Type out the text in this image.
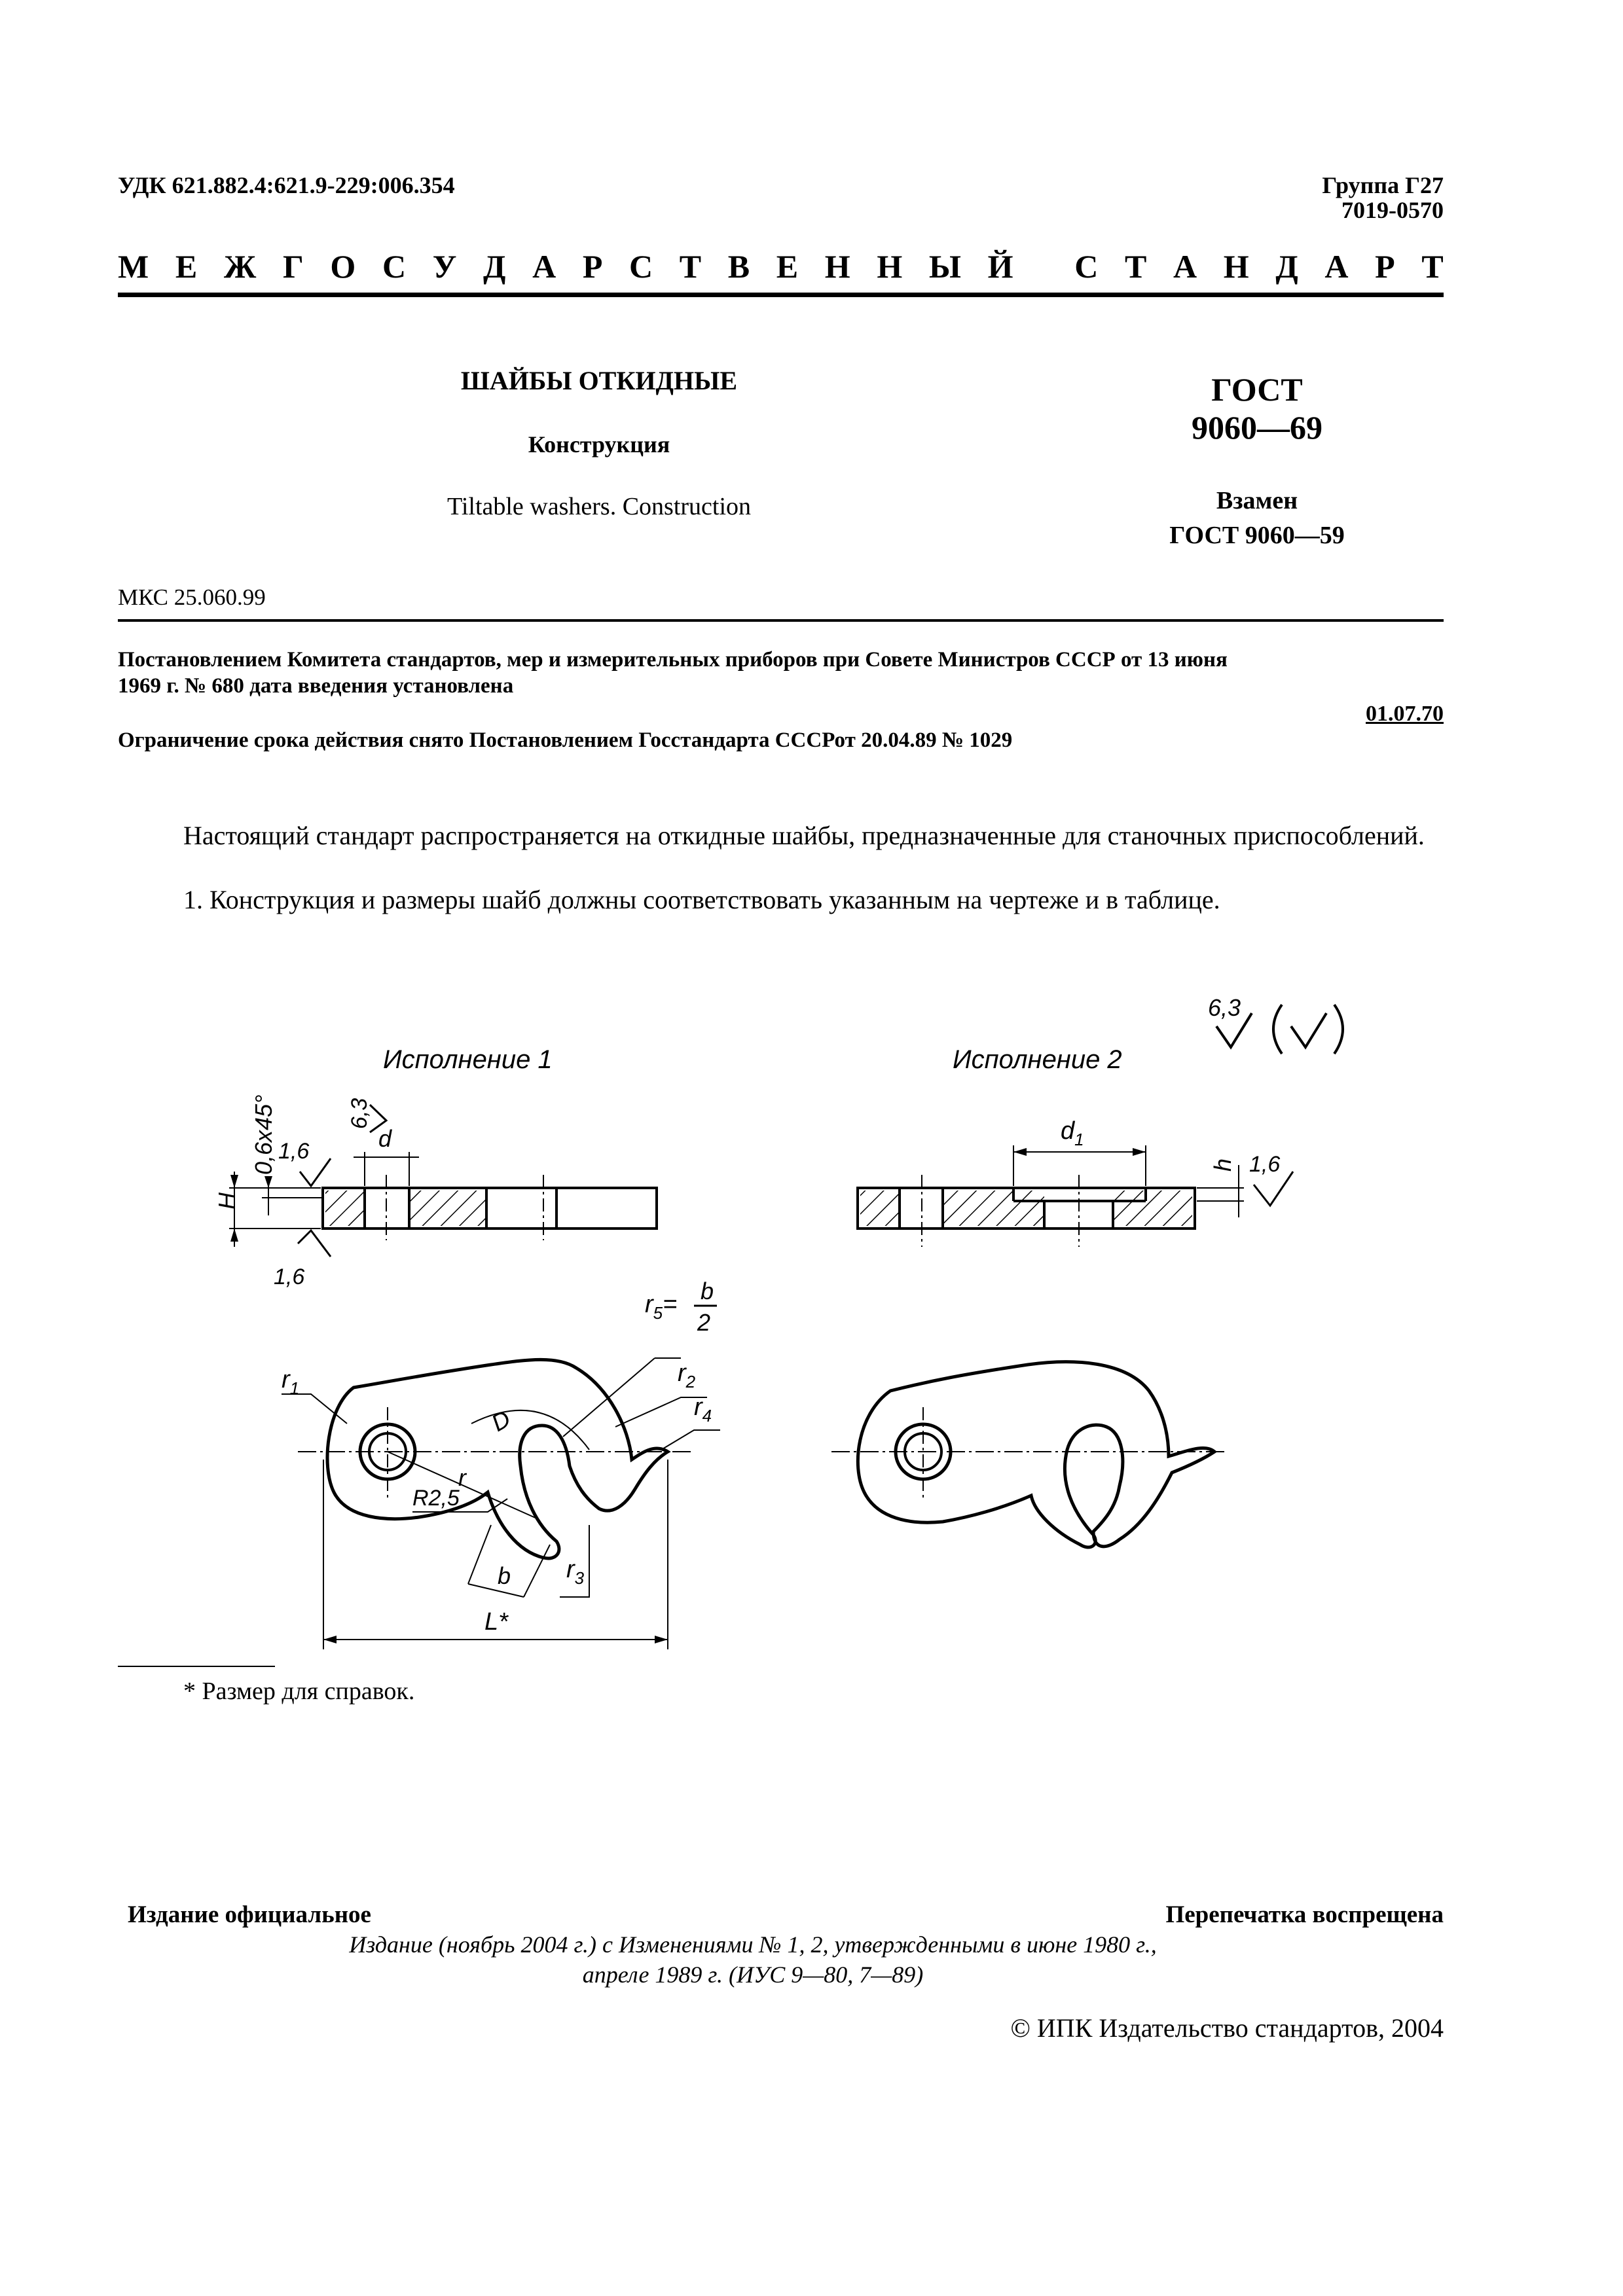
УДК 621.882.4:621.9-229:006.354	Группа Г27
7019-0570
М Е Ж Г О С У Д А Р С Т В Е Н Н Ы Й
С Т А Н Д А Р Т
ШАЙБЫ ОТКИДНЫЕ
Конструкция
Tiltable washers. Construction
ГОСТ
9060—69
Взамен
ГОСТ 9060—59
МКС 25.060.99
Постановлением Комитета стандартов, мер и измерительных приборов при Совете Министров СССР от 13 июня
1969 г. № 680 дата введения установлена
01.07.70
Ограничение срока действия снято Постановлением Госстандарта СССРот 20.04.89 № 1029
Настоящий стандарт распространяется на откидные шайбы, предназначенные для станочных приспособлений.
1. Конструкция и размеры шайб должны соответствовать указанным на чертеже и в таблице.
Исполнение 1	Исполнение 2
6,3
H
0,6х45° 1,6
1,6
d
6,3
$d_1$
h 1,6
L*
$r_1$
r
R2,5
D
$r_5= b$
2
$r_2$
$r_4$
$r_3$
b
* Размер для справок.
Издание официальное	Перепечатка воспрещена
Издание (ноябрь 2004 г.) с Изменениями № 1, 2, утвержденными в июне 1980 г.,
апреле 1989 г. (ИУС 9—80, 7—89)
© ИПК Издательство стандартов, 2004
